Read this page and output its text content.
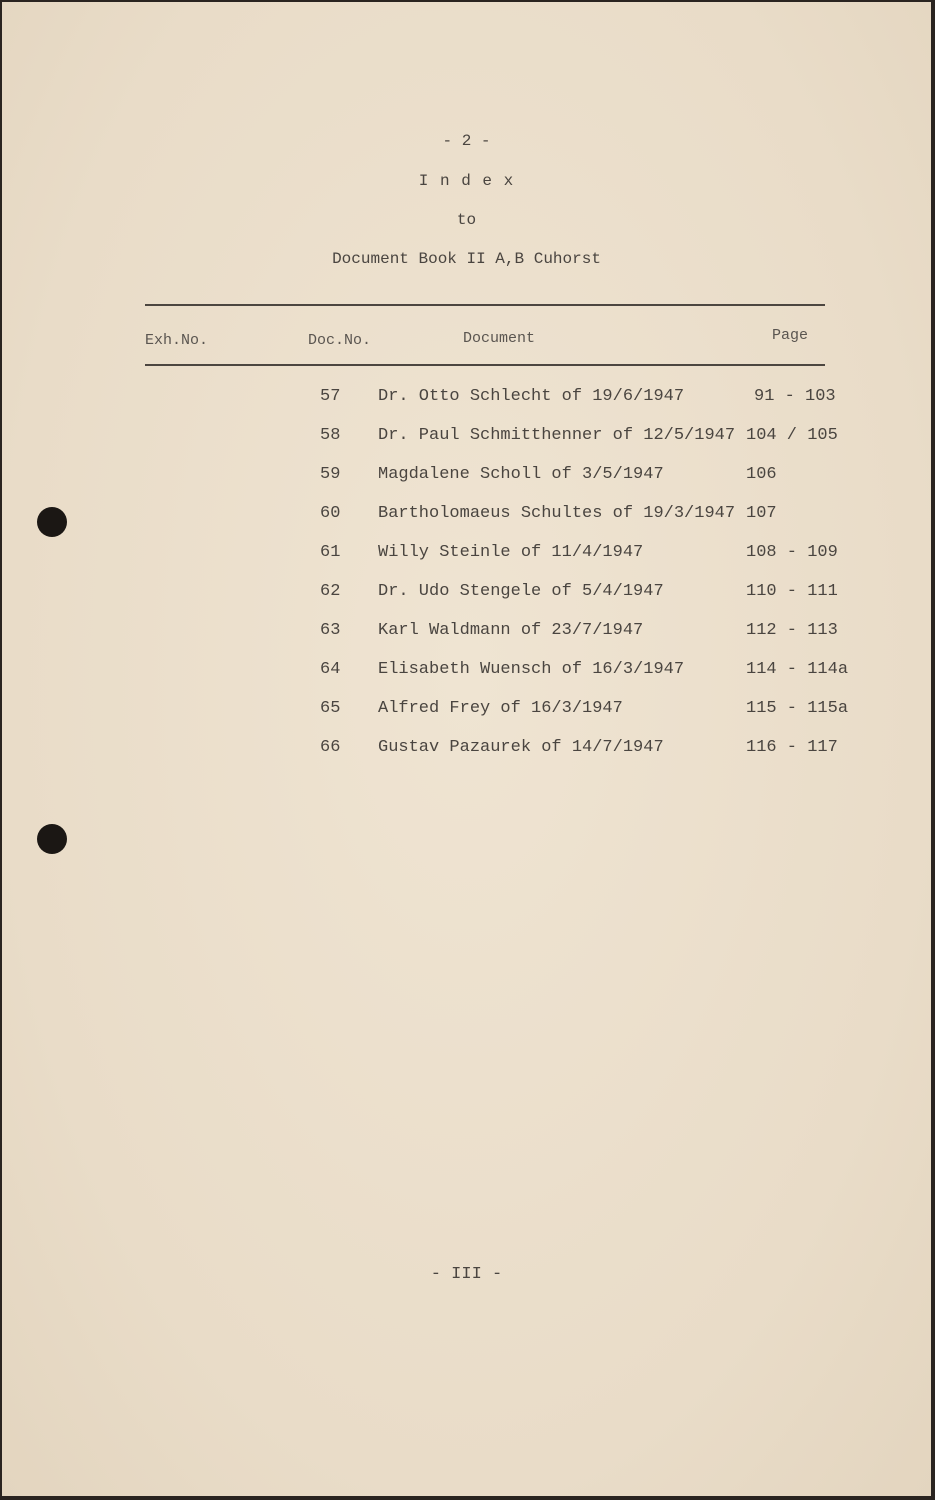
- 2 -
I n d e x
to
Document Book II A,B Cuhorst
Exh.No.	Doc.No.	Document	Page
57 Dr. Otto Schlecht of 19/6/1947	91 - 103
58 Dr. Paul Schmitthenner of 12/5/1947 104 / 105
59 Magdalene Scholl of 3/5/1947	106
60 Bartholomaeus Schultes of 19/3/1947 107
61 Willy Steinle of 11/4/1947	108 - 109
62 Dr. Udo Stengele of 5/4/1947	110 - 111
63 Karl Waldmann of 23/7/1947	112 - 113
64 Elisabeth Wuensch of 16/3/1947	114 - 114a
65 Alfred Frey of 16/3/1947	115 - 115a
66 Gustav Pazaurek of 14/7/1947	116 - 117
- III -
